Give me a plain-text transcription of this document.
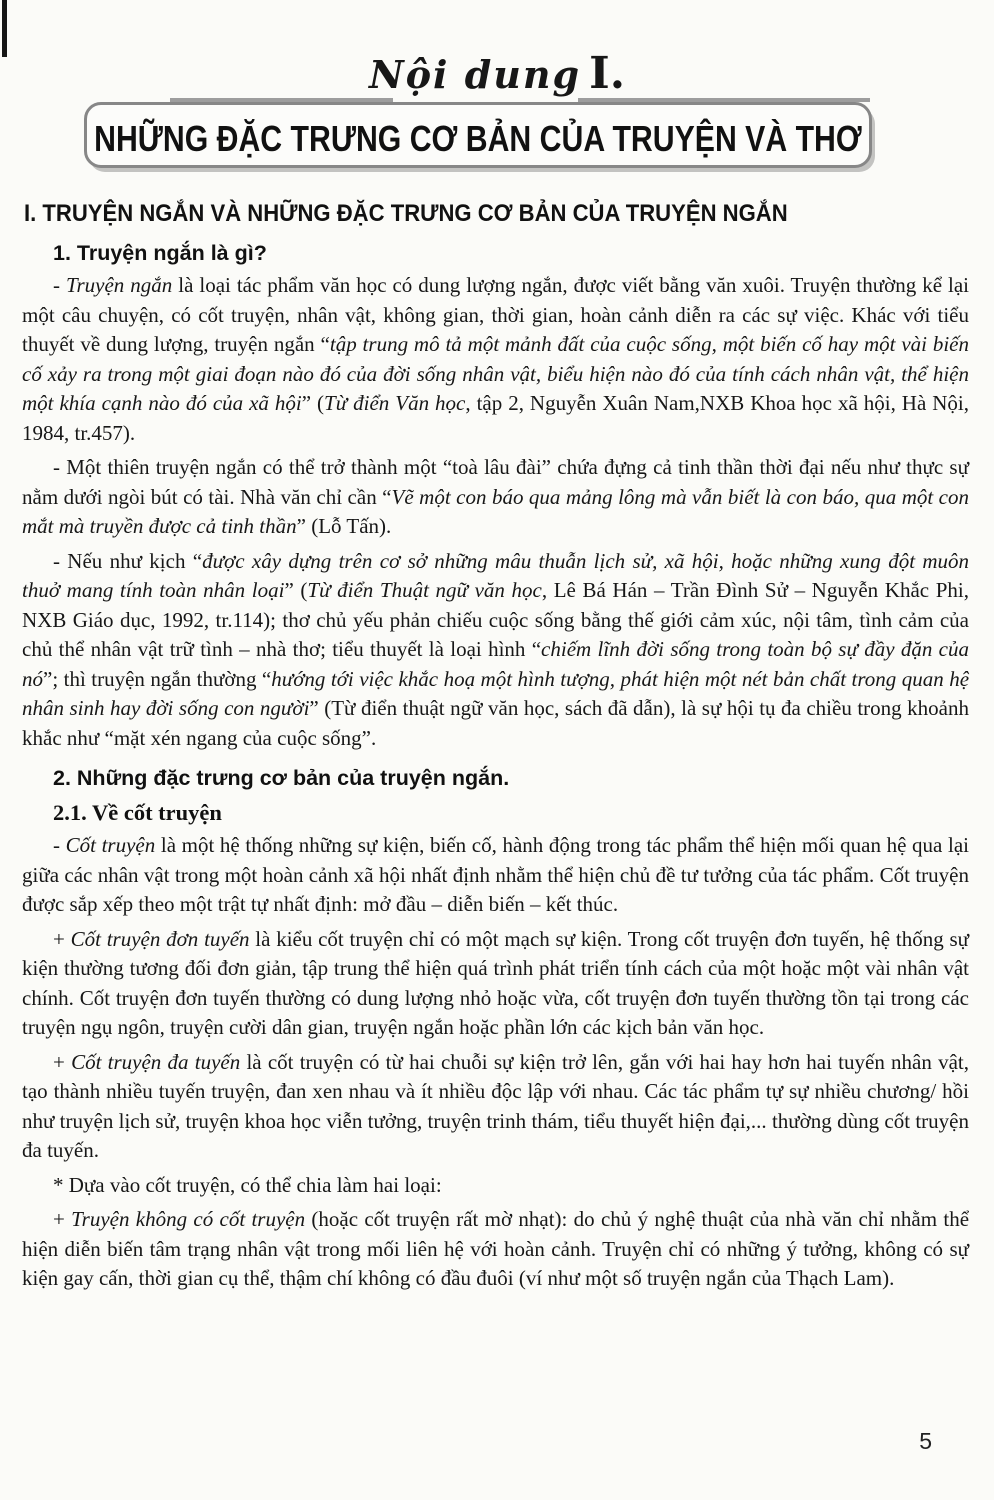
Nội dung I.
NHỮNG ĐẶC TRƯNG CƠ BẢN CỦA TRUYỆN VÀ THƠ
I. TRUYỆN NGẮN VÀ NHỮNG ĐẶC TRƯNG CƠ BẢN CỦA TRUYỆN NGẮN
1. Truyện ngắn là gì?

- Truyện ngắn là loại tác phẩm văn học có dung lượng ngắn, được viết bằng văn xuôi. Truyện thường kể lại một câu chuyện, có cốt truyện, nhân vật, không gian, thời gian, hoàn cảnh diễn ra các sự việc. Khác với tiểu thuyết về dung lượng, truyện ngắn “tập trung mô tả một mảnh đất của cuộc sống, một biến cố hay một vài biến cố xảy ra trong một giai đoạn nào đó của đời sống nhân vật, biểu hiện nào đó của tính cách nhân vật, thể hiện một khía cạnh nào đó của xã hội” (Từ điển Văn học, tập 2, Nguyễn Xuân Nam,NXB Khoa học xã hội, Hà Nội, 1984, tr.457).

- Một thiên truyện ngắn có thể trở thành một “toà lâu đài” chứa đựng cả tinh thần thời đại nếu như thực sự nằm dưới ngòi bút có tài. Nhà văn chỉ cần “Vẽ một con báo qua mảng lông mà vẫn biết là con báo, qua một con mắt mà truyền được cả tinh thần” (Lỗ Tấn).

- Nếu như kịch “được xây dựng trên cơ sở những mâu thuẫn lịch sử, xã hội, hoặc những xung đột muôn thuở mang tính toàn nhân loại” (Từ điển Thuật ngữ văn học, Lê Bá Hán – Trần Đình Sử – Nguyễn Khắc Phi, NXB Giáo dục, 1992, tr.114); thơ chủ yếu phản chiếu cuộc sống bằng thế giới cảm xúc, nội tâm, tình cảm của chủ thể nhân vật trữ tình – nhà thơ; tiểu thuyết là loại hình “chiếm lĩnh đời sống trong toàn bộ sự đầy đặn của nó”; thì truyện ngắn thường “hướng tới việc khắc hoạ một hình tượng, phát hiện một nét bản chất trong quan hệ nhân sinh hay đời sống con người” (Từ điển thuật ngữ văn học, sách đã dẫn), là sự hội tụ đa chiều trong khoảnh khắc như “mặt xén ngang của cuộc sống”.

2. Những đặc trưng cơ bản của truyện ngắn.
2.1. Về cốt truyện

- Cốt truyện là một hệ thống những sự kiện, biến cố, hành động trong tác phẩm thể hiện mối quan hệ qua lại giữa các nhân vật trong một hoàn cảnh xã hội nhất định nhằm thể hiện chủ đề tư tưởng của tác phẩm. Cốt truyện được sắp xếp theo một trật tự nhất định: mở đầu – diễn biến – kết thúc.

+ Cốt truyện đơn tuyến là kiểu cốt truyện chỉ có một mạch sự kiện. Trong cốt truyện đơn tuyến, hệ thống sự kiện thường tương đối đơn giản, tập trung thể hiện quá trình phát triển tính cách của một hoặc một vài nhân vật chính. Cốt truyện đơn tuyến thường có dung lượng nhỏ hoặc vừa, cốt truyện đơn tuyến thường tồn tại trong các truyện ngụ ngôn, truyện cười dân gian, truyện ngắn hoặc phần lớn các kịch bản văn học.

+ Cốt truyện đa tuyến là cốt truyện có từ hai chuỗi sự kiện trở lên, gắn với hai hay hơn hai tuyến nhân vật, tạo thành nhiều tuyến truyện, đan xen nhau và ít nhiều độc lập với nhau. Các tác phẩm tự sự nhiều chương/ hồi như truyện lịch sử, truyện khoa học viễn tưởng, truyện trinh thám, tiểu thuyết hiện đại,... thường dùng cốt truyện đa tuyến.

* Dựa vào cốt truyện, có thể chia làm hai loại:

+ Truyện không có cốt truyện (hoặc cốt truyện rất mờ nhạt): do chủ ý nghệ thuật của nhà văn chỉ nhằm thể hiện diễn biến tâm trạng nhân vật trong mối liên hệ với hoàn cảnh. Truyện chỉ có những ý tưởng, không có sự kiện gay cấn, thời gian cụ thể, thậm chí không có đầu đuôi (ví như một số truyện ngắn của Thạch Lam).

5
